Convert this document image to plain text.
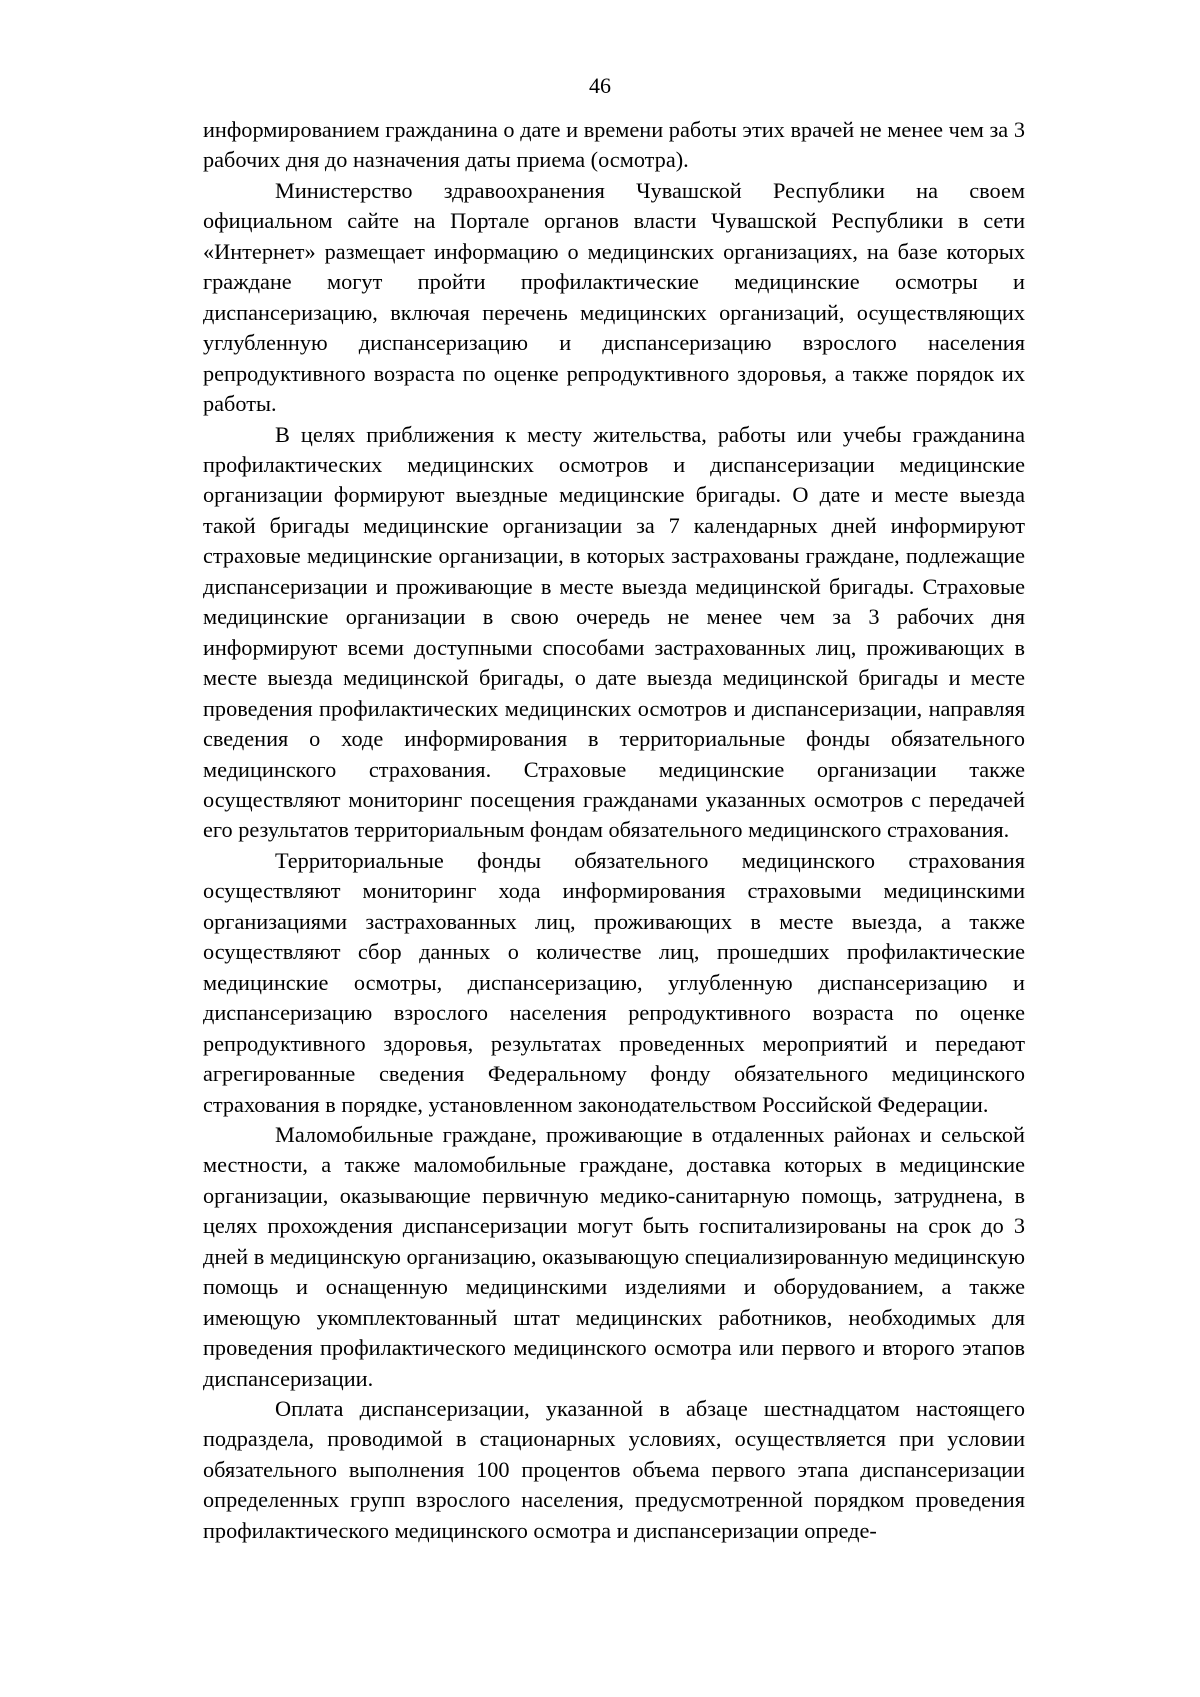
46

информированием гражданина о дате и времени работы этих врачей не менее чем за 3 рабочих дня до назначения даты приема (осмотра).

Министерство здравоохранения Чувашской Республики на своем официальном сайте на Портале органов власти Чувашской Республики в сети «Интернет» размещает информацию о медицинских организациях, на базе которых граждане могут пройти профилактические медицинские осмотры и диспансеризацию, включая перечень медицинских организаций, осуществляющих углубленную диспансеризацию и диспансеризацию взрослого населения репродуктивного возраста по оценке репродуктивного здоровья, а также порядок их работы.

В целях приближения к месту жительства, работы или учебы гражданина профилактических медицинских осмотров и диспансеризации медицинские организации формируют выездные медицинские бригады. О дате и месте выезда такой бригады медицинские организации за 7 календарных дней информируют страховые медицинские организации, в которых застрахованы граждане, подлежащие диспансеризации и проживающие в месте выезда медицинской бригады. Страховые медицинские организации в свою очередь не менее чем за 3 рабочих дня информируют всеми доступными способами застрахованных лиц, проживающих в месте выезда медицинской бригады, о дате выезда медицинской бригады и месте проведения профилактических медицинских осмотров и диспансеризации, направляя сведения о ходе информирования в территориальные фонды обязательного медицинского страхования. Страховые медицинские организации также осуществляют мониторинг посещения гражданами указанных осмотров с передачей его результатов территориальным фондам обязательного медицинского страхования.

Территориальные фонды обязательного медицинского страхования осуществляют мониторинг хода информирования страховыми медицинскими организациями застрахованных лиц, проживающих в месте выезда, а также осуществляют сбор данных о количестве лиц, прошедших профилактические медицинские осмотры, диспансеризацию, углубленную диспансеризацию и диспансеризацию взрослого населения репродуктивного возраста по оценке репродуктивного здоровья, результатах проведенных мероприятий и передают агрегированные сведения Федеральному фонду обязательного медицинского страхования в порядке, установленном законодательством Российской Федерации.

Маломобильные граждане, проживающие в отдаленных районах и сельской местности, а также маломобильные граждане, доставка которых в медицинские организации, оказывающие первичную медико-санитарную помощь, затруднена, в целях прохождения диспансеризации могут быть госпитализированы на срок до 3 дней в медицинскую организацию, оказывающую специализированную медицинскую помощь и оснащенную медицинскими изделиями и оборудованием, а также имеющую укомплектованный штат медицинских работников, необходимых для проведения профилактического медицинского осмотра или первого и второго этапов диспансеризации.

Оплата диспансеризации, указанной в абзаце шестнадцатом настоящего подраздела, проводимой в стационарных условиях, осуществляется при условии обязательного выполнения 100 процентов объема первого этапа диспансеризации определенных групп взрослого населения, предусмотренной порядком проведения профилактического медицинского осмотра и диспансеризации опреде-
